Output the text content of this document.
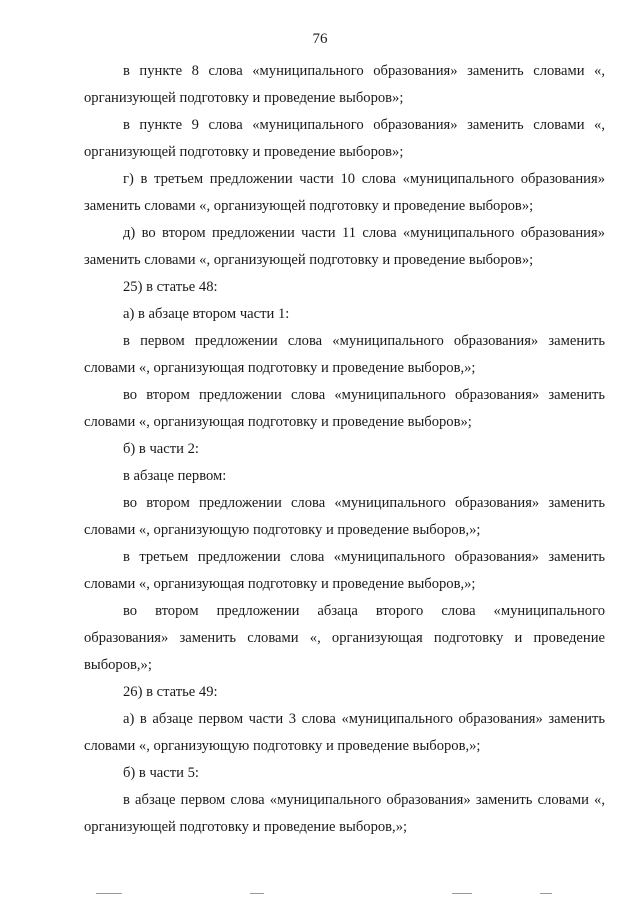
76

в пункте 8 слова «муниципального образования» заменить словами «, организующей подготовку и проведение выборов»;

в пункте 9 слова «муниципального образования» заменить словами «, организующей подготовку и проведение выборов»;

г) в третьем предложении части 10 слова «муниципального образования» заменить словами «, организующей подготовку и проведение выборов»;

д) во втором предложении части 11 слова «муниципального образования» заменить словами «, организующей подготовку и проведение выборов»;

25) в статье 48:

а) в абзаце втором части 1:

в первом предложении слова «муниципального образования» заменить словами «, организующая подготовку и проведение выборов,»;

во втором предложении слова «муниципального образования» заменить словами «, организующая подготовку и проведение выборов»;

б) в части 2:

в абзаце первом:

во втором предложении слова «муниципального образования» заменить словами «, организующую подготовку и проведение выборов,»;

в третьем предложении слова «муниципального образования» заменить словами «, организующая подготовку и проведение выборов,»;

во втором предложении абзаца второго слова «муниципального образования» заменить словами «, организующая подготовку и проведение выборов,»;

26) в статье 49:

а) в абзаце первом части 3 слова «муниципального образования» заменить словами «, организующую подготовку и проведение выборов,»;

б) в части 5:

в абзаце первом слова «муниципального образования» заменить словами «, организующей подготовку и проведение выборов,»;
